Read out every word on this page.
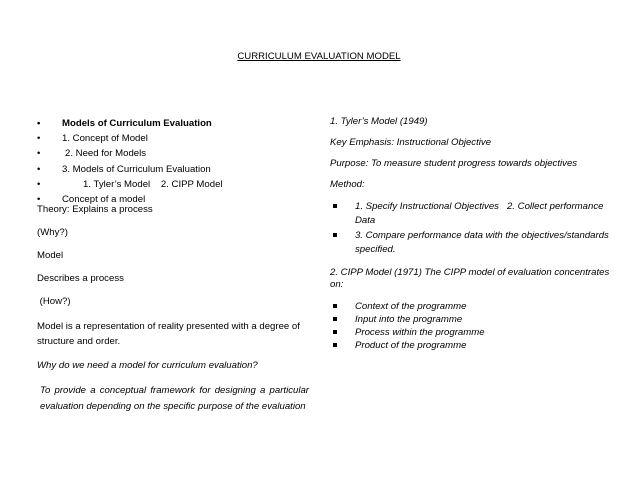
CURRICULUM EVALUATION MODEL
• Models of Curriculum Evaluation
• 1. Concept of Model
• 2. Need for Models
• 3. Models of Curriculum Evaluation
• 1. Tyler’s Model    2. CIPP Model
• Concept of a model

Theory: Explains a process

(Why?)

Model

Describes a process

(How?)

Model is a representation of reality presented with a degree of structure and order.

Why do we need a model for curriculum evaluation?

To provide a conceptual framework for designing a particular evaluation depending on the specific purpose of the evaluation

1. Tyler’s Model (1949)

Key Emphasis: Instructional Objective

Purpose: To measure student progress towards objectives

Method:

1. Specify Instructional Objectives   2. Collect performance Data
3. Compare performance data with the objectives/standards specified.

2. CIPP Model (1971) The CIPP model of evaluation concentrates on:

Context of the programme
Input into the programme
Process within the programme
Product of the programme
